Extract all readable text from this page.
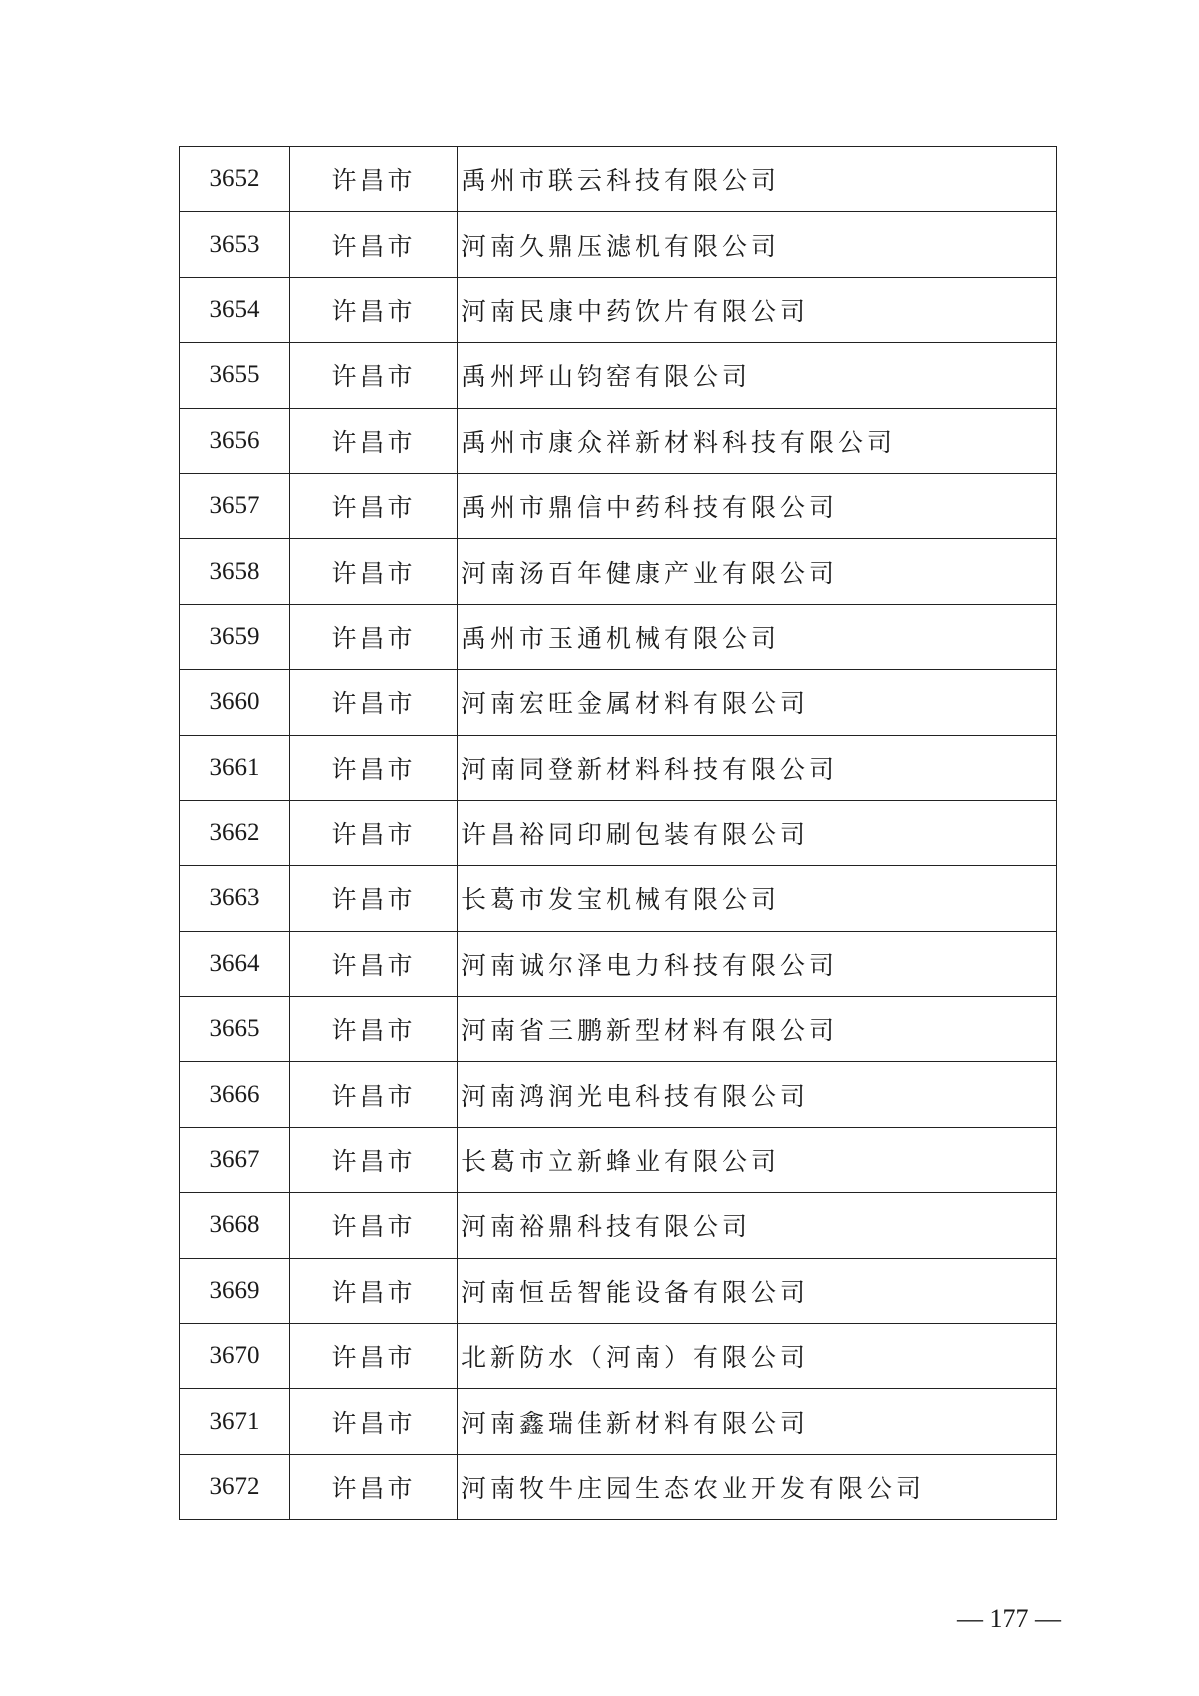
3652	许昌市	禹州市联云科技有限公司
3653	许昌市	河南久鼎压滤机有限公司
3654	许昌市	河南民康中药饮片有限公司
3655	许昌市	禹州坪山钧窑有限公司
3656	许昌市	禹州市康众祥新材料科技有限公司
3657	许昌市	禹州市鼎信中药科技有限公司
3658	许昌市	河南汤百年健康产业有限公司
3659	许昌市	禹州市玉通机械有限公司
3660	许昌市	河南宏旺金属材料有限公司
3661	许昌市	河南同登新材料科技有限公司
3662	许昌市	许昌裕同印刷包装有限公司
3663	许昌市	长葛市发宝机械有限公司
3664	许昌市	河南诚尔泽电力科技有限公司
3665	许昌市	河南省三鹏新型材料有限公司
3666	许昌市	河南鸿润光电科技有限公司
3667	许昌市	长葛市立新蜂业有限公司
3668	许昌市	河南裕鼎科技有限公司
3669	许昌市	河南恒岳智能设备有限公司
3670	许昌市	北新防水（河南）有限公司
3671	许昌市	河南鑫瑞佳新材料有限公司
3672	许昌市	河南牧牛庄园生态农业开发有限公司
— 177 —
